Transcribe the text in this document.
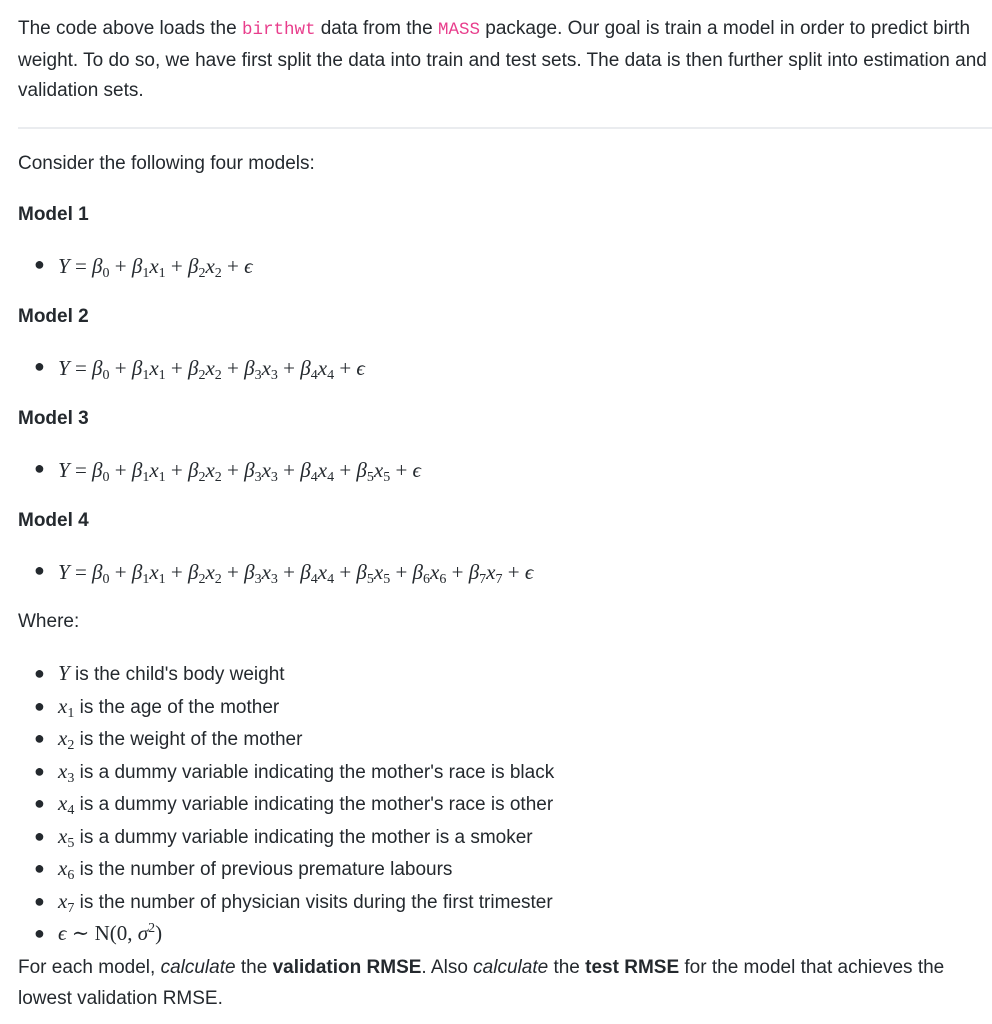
The code above loads the birthwt data from the MASS package. Our goal is train a model in order to predict birth weight. To do so, we have first split the data into train and test sets. The data is then further split into estimation and validation sets.

Consider the following four models:

Model 1

● $Y = \beta_0 + \beta_1x_1 + \beta_2x_2 + \epsilon$

Model 2

● $Y = \beta_0 + \beta_1x_1 + \beta_2x_2 + \beta_3x_3 + \beta_4x_4 + \epsilon$

Model 3

● $Y = \beta_0 + \beta_1x_1 + \beta_2x_2 + \beta_3x_3 + \beta_4x_4 + \beta_5x_5 + \epsilon$

Model 4

● $Y = \beta_0 + \beta_1x_1 + \beta_2x_2 + \beta_3x_3 + \beta_4x_4 + \beta_5x_5 + \beta_6x_6 + \beta_7x_7 + \epsilon$

Where:

● Y is the child's body weight
● $x_1$ is the age of the mother
● $x_2$ is the weight of the mother
● $x_3$ is a dummy variable indicating the mother's race is black
● $x_4$ is a dummy variable indicating the mother's race is other
● $x_5$ is a dummy variable indicating the mother is a smoker
● $x_6$ is the number of previous premature labours
● $x_7$ is the number of physician visits during the first trimester
● ϵ ∼ N(0, $\sigma^2$)

For each model, calculate the validation RMSE. Also calculate the test RMSE for the model that achieves the lowest validation RMSE.
